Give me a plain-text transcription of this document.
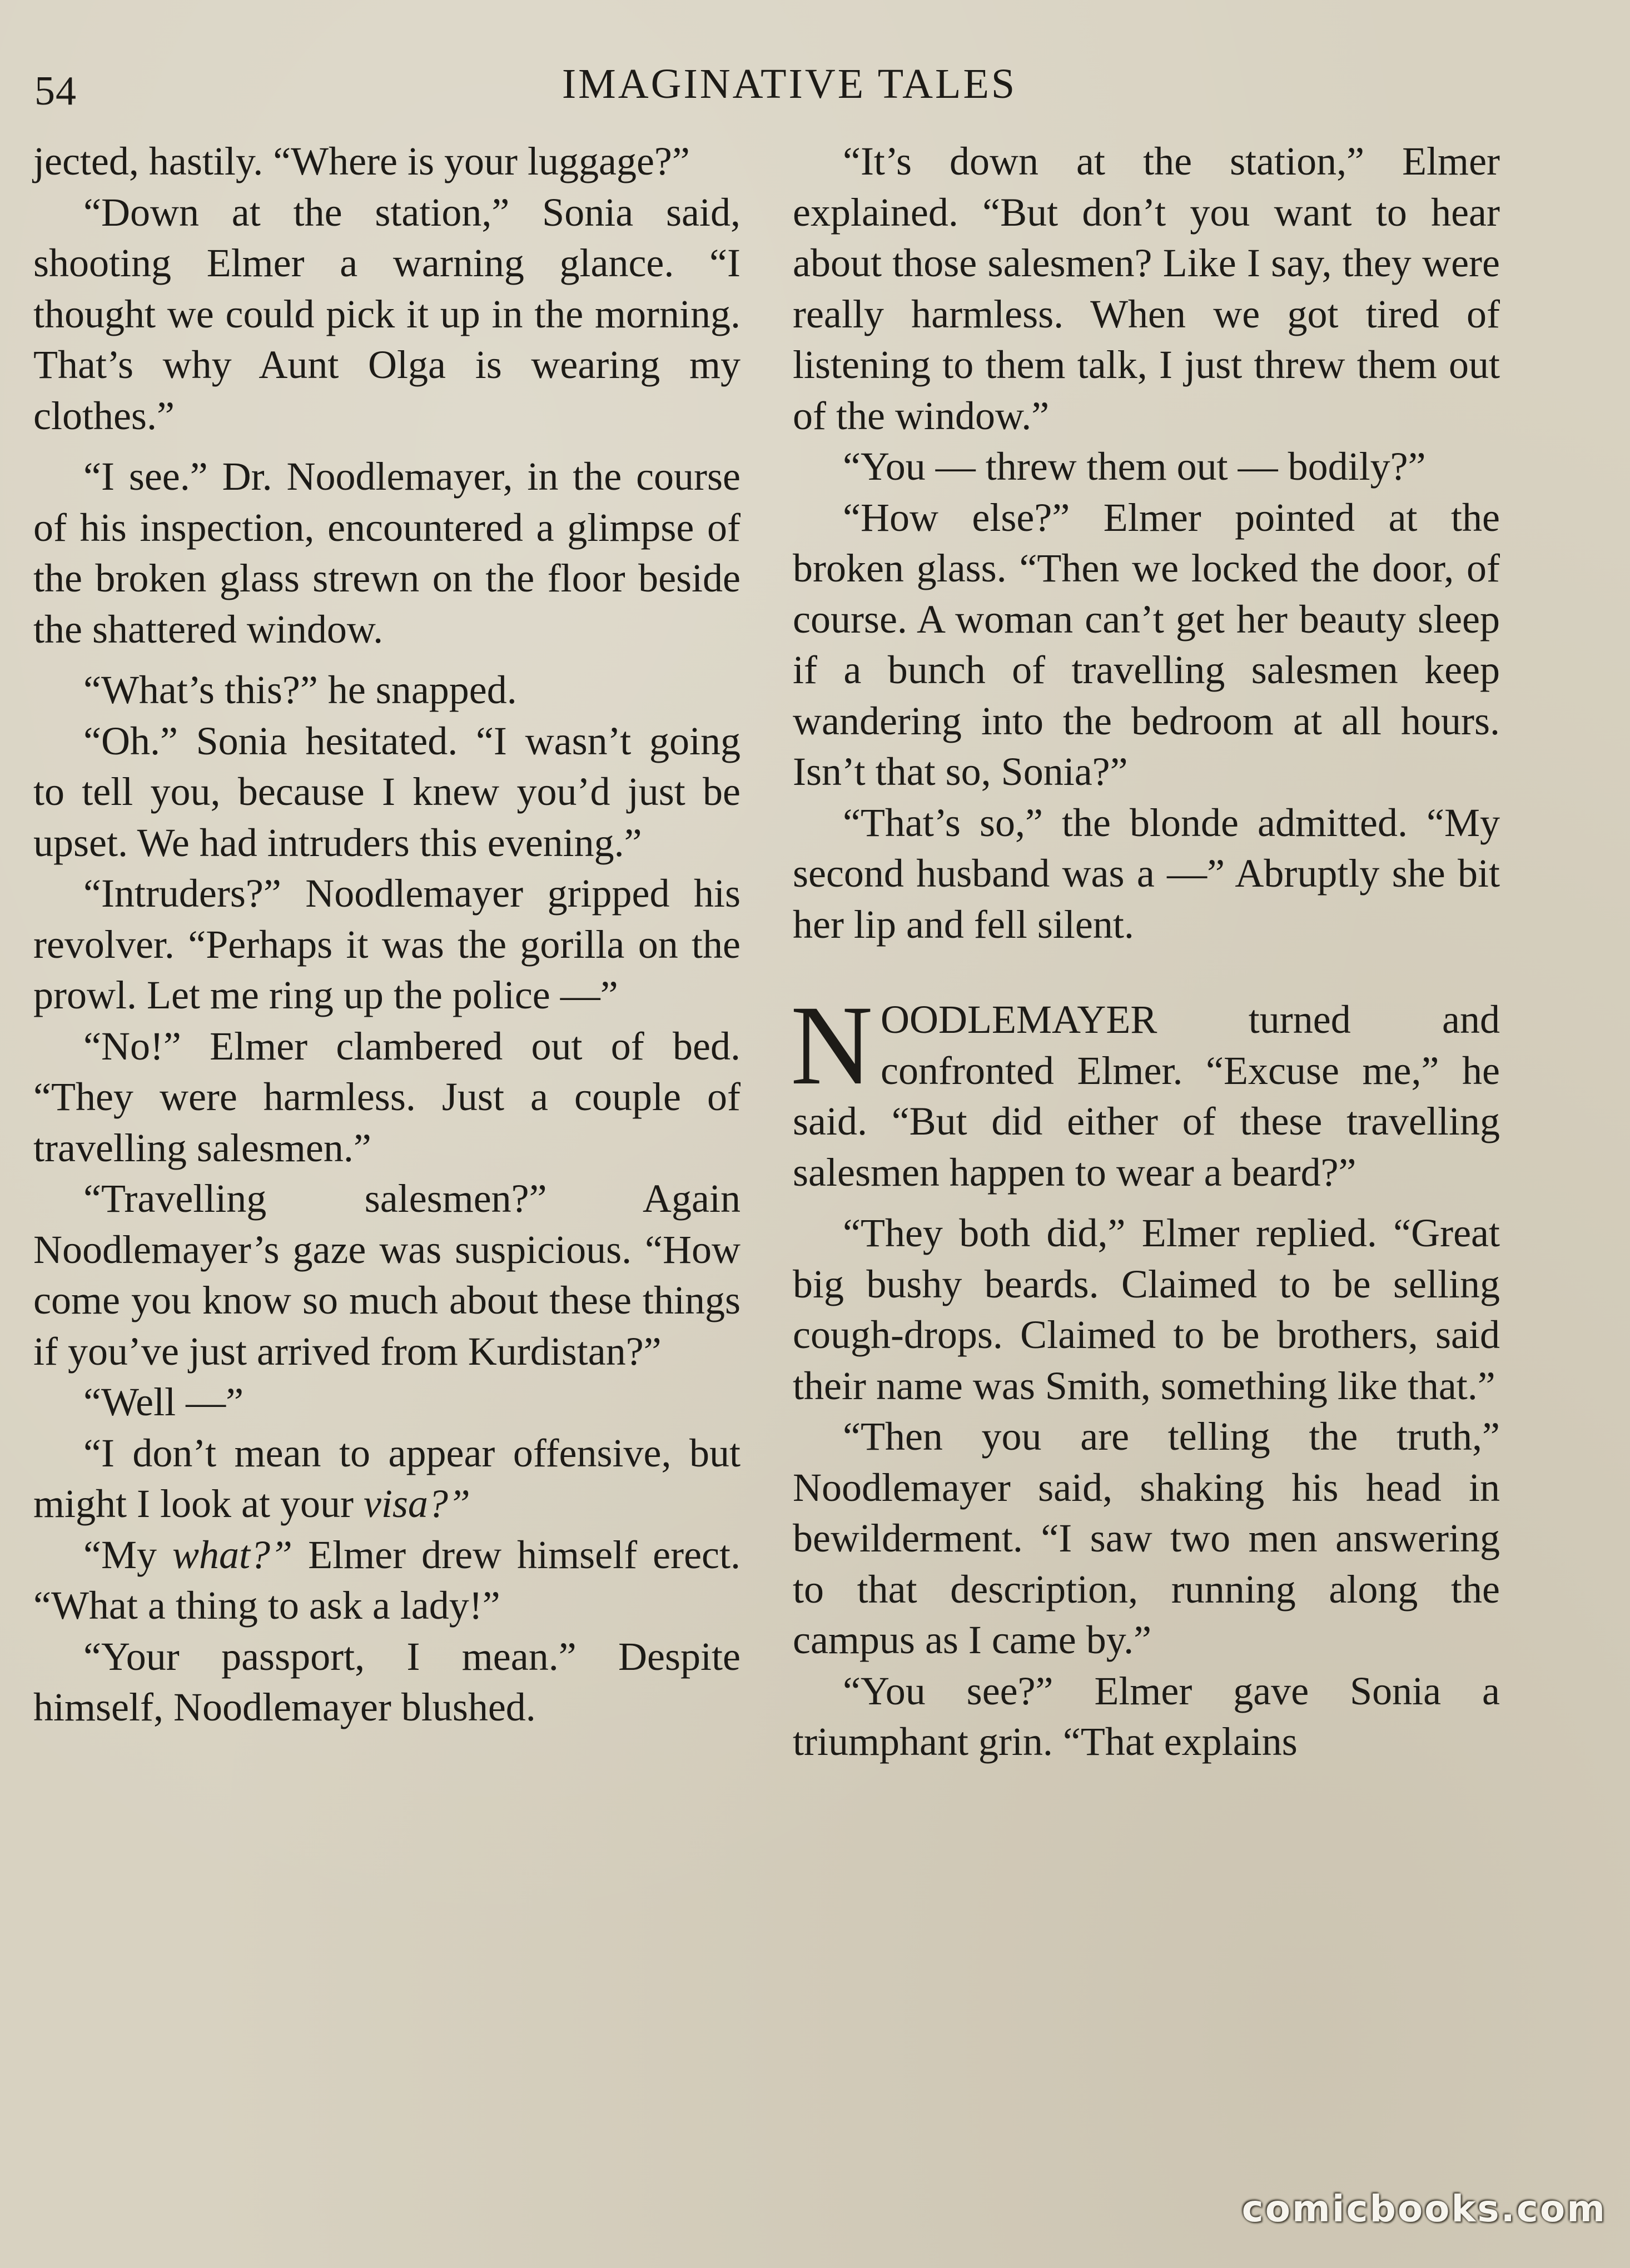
54	IMAGINATIVE TALES

jected, hastily. “Where is your luggage?”

“Down at the station,” Sonia said, shooting Elmer a warning glance. “I thought we could pick it up in the morning. That’s why Aunt Olga is wearing my clothes.”

“I see.” Dr. Noodlemayer, in the course of his inspection, encountered a glimpse of the broken glass strewn on the floor beside the shattered window.

“What’s this?” he snapped.

“Oh.” Sonia hesitated. “I wasn’t going to tell you, because I knew you’d just be upset. We had intruders this evening.”

“Intruders?” Noodlemayer gripped his revolver. “Perhaps it was the gorilla on the prowl. Let me ring up the police —”

“No!” Elmer clambered out of bed. “They were harmless. Just a couple of travelling salesmen.”

“Travelling salesmen?” Again Noodlemayer’s gaze was suspicious. “How come you know so much about these things if you’ve just arrived from Kurdistan?”

“Well —”

“I don’t mean to appear offensive, but might I look at your visa?”

“My what?” Elmer drew himself erect. “What a thing to ask a lady!”

“Your passport, I mean.” Despite himself, Noodlemayer blushed.

“It’s down at the station,” Elmer explained. “But don’t you want to hear about those salesmen? Like I say, they were really harmless. When we got tired of listening to them talk, I just threw them out of the window.”

“You — threw them out — bodily?”

“How else?” Elmer pointed at the broken glass. “Then we locked the door, of course. A woman can’t get her beauty sleep if a bunch of travelling salesmen keep wandering into the bedroom at all hours. Isn’t that so, Sonia?”

“That’s so,” the blonde admitted. “My second husband was a —” Abruptly she bit her lip and fell silent.

NOODLEMAYER turned and confronted Elmer. “Excuse me,” he said. “But did either of these travelling salesmen happen to wear a beard?”

“They both did,” Elmer replied. “Great big bushy beards. Claimed to be selling cough-drops. Claimed to be brothers, said their name was Smith, something like that.”

“Then you are telling the truth,” Noodlemayer said, shaking his head in bewilderment. “I saw two men answering to that description, running along the campus as I came by.”

“You see?” Elmer gave Sonia a triumphant grin. “That explains

comicbooks.com
